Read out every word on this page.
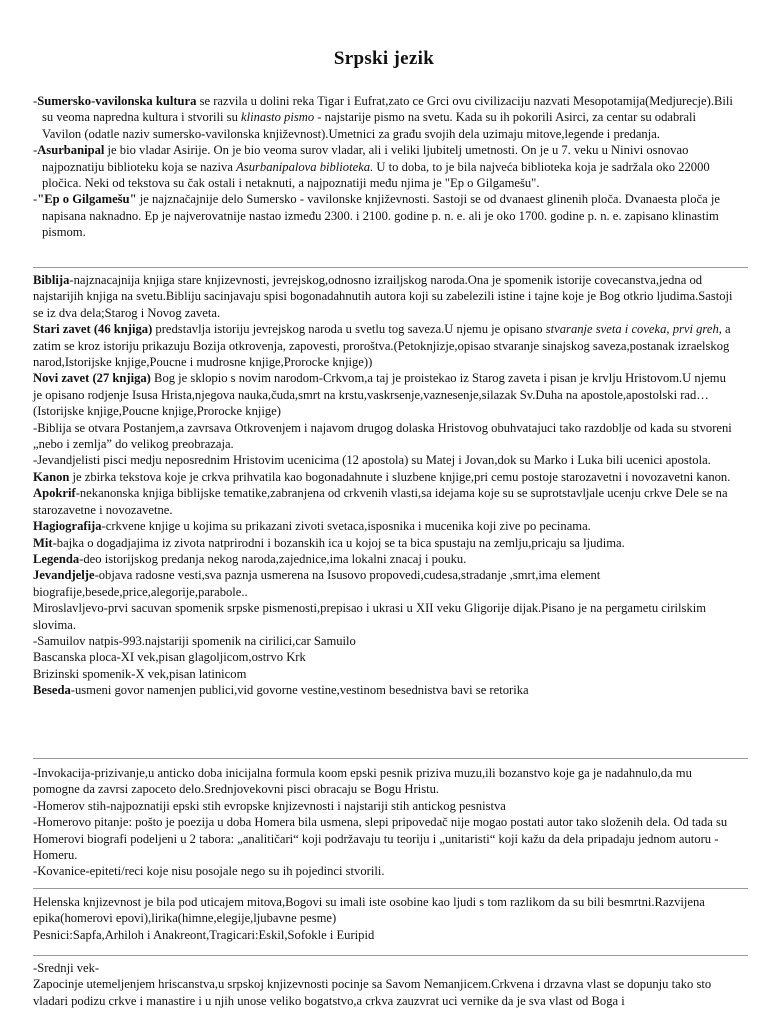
Srpski jezik

-Sumersko-vavilonska kultura se razvila u dolini reka Tigar i Eufrat,zato ce Grci ovu civilizaciju nazvati Mesopotamija(Medjurecje).Bili su veoma napredna kultura i stvorili su klinasto pismo - najstarije pismo na svetu. Kada su ih pokorili Asirci, za centar su odabrali Vavilon (odatle naziv sumersko-vavilonska književnost).Umetnici za građu svojih dela uzimaju mitove,legende i predanja.

-Asurbanipal je bio vladar Asirije. On je bio veoma surov vladar, ali i veliki ljubitelj umetnosti. On je u 7. veku u Ninivi osnovao najpoznatiju biblioteku koja se naziva Asurbanipalova biblioteka. U to doba, to je bila najveća biblioteka koja je sadržala oko 22000 pločica. Neki od tekstova su čak ostali i netaknuti, a najpoznatiji među njima je "Ep o Gilgamešu".

-"Ep o Gilgamešu" je najznačajnije delo Sumersko - vavilonske književnosti. Sastoji se od dvanaest glinenih ploča. Dvanaesta ploča je napisana naknadno. Ep je najverovatnije nastao između 2300. i 2100. godine p. n. e. ali je oko 1700. godine p. n. e. zapisano klinastim pismom.

Biblija-najznacajnija knjiga stare knjizevnosti, jevrejskog,odnosno izrailjskog naroda.Ona je spomenik istorije covecanstva,jedna od najstarijih knjiga na svetu.Bibliju sacinjavaju spisi bogonadahnutih autora koji su zabelezili istine i tajne koje je Bog otkrio ljudima.Sastoji se iz dva dela;Starog i Novog zaveta.

Stari zavet (46 knjiga) predstavlja istoriju jevrejskog naroda u svetlu tog saveza.U njemu je opisano stvaranje sveta i coveka, prvi greh, a zatim se kroz istoriju prikazuju Bozija otkrovenja, zapovesti, proroštva.(Petoknjizje,opisao stvaranje sinajskog saveza,postanak izraelskog narod,Istorijske knjige,Poucne i mudrosne knjige,Prorocke knjige))

Novi zavet (27 knjiga) Bog je sklopio s novim narodom-Crkvom,a taj je proistekao iz Starog zaveta i pisan je krvlju Hristovom.U njemu je opisano rodjenje Isusa Hrista,njegova nauka,čuda,smrt na krstu,vaskrsenje,vaznesenje,silazak Sv.Duha na apostole,apostolski rad…(Istorijske knjige,Poucne knjige,Prorocke knjige)

-Biblija se otvara Postanjem,a zavrsava Otkrovenjem i najavom drugog dolaska Hristovog obuhvatajuci tako razdoblje od kada su stvoreni „nebo i zemlja” do velikog preobrazaja.

-Jevandjelisti pisci medju neposrednim Hristovim ucenicima (12 apostola) su Matej i Jovan,dok su Marko i Luka bili ucenici apostola.

Kanon je zbirka tekstova koje je crkva prihvatila kao bogonadahnute i sluzbene knjige,pri cemu postoje starozavetni i novozavetni kanon.

Apokrif-nekanonska knjiga biblijske tematike,zabranjena od crkvenih vlasti,sa idejama koje su se suprotstavljale ucenju crkve Dele se na starozavetne i novozavetne.

Hagiografija-crkvene knjige u kojima su prikazani zivoti svetaca,isposnika i mucenika koji zive po pecinama.

Mit-bajka o dogadjajima iz zivota natprirodni i bozanskih ica u kojoj se ta bica spustaju na zemlju,pricaju sa ljudima.

Legenda-deo istorijskog predanja nekog naroda,zajednice,ima lokalni znacaj i pouku.

Jevandjelje-objava radosne vesti,sva paznja usmerena na Isusovo propovedi,cudesa,stradanje ,smrt,ima element biografije,besede,price,alegorije,parabole..

Miroslavljevo-prvi sacuvan spomenik srpske pismenosti,prepisao i ukrasi u XII veku Gligorije dijak.Pisano je na pergametu cirilskim slovima.

-Samuilov natpis-993.najstariji spomenik na cirilici,car Samuilo

Bascanska ploca-XI vek,pisan glagoljicom,ostrvo Krk

Brizinski spomenik-X vek,pisan latinicom

Beseda-usmeni govor namenjen publici,vid govorne vestine,vestinom besednistva bavi se retorika

-Invokacija-prizivanje,u anticko doba inicijalna formula koom epski pesnik priziva muzu,ili bozanstvo koje ga je nadahnulo,da mu pomogne da zavrsi zapoceto delo.Srednjovekovni pisci obracaju se Bogu Hristu.

-Homerov stih-najpoznatiji epski stih evropske knjizevnosti i najstariji stih antickog pesnistva

-Homerovo pitanje: pošto je poezija u doba Homera bila usmena, slepi pripovedač nije mogao postati autor tako složenih dela. Od tada su Homerovi biografi podeljeni u 2 tabora: „analitičari“ koji podržavaju tu teoriju i „unitaristi“ koji kažu da dela pripadaju jednom autoru - Homeru.

-Kovanice-epiteti/reci koje nisu posojale nego su ih pojedinci stvorili.

Helenska knjizevnost je bila pod uticajem mitova,Bogovi su imali iste osobine kao ljudi s tom razlikom da su bili besmrtni.Razvijena epika(homerovi epovi),lirika(himne,elegije,ljubavne pesme)

Pesnici:Sapfa,Arhiloh i Anakreont,Tragicari:Eskil,Sofokle i Euripid

-Srednji vek-

Zapocinje utemeljenjem hriscanstva,u srpskoj knjizevnosti pocinje sa Savom Nemanjicem.Crkvena i drzavna vlast se dopunju tako sto vladari podizu crkve i manastire i u njih unose veliko bogatstvo,a crkva zauzvrat uci vernike da je sva vlast od Boga i
